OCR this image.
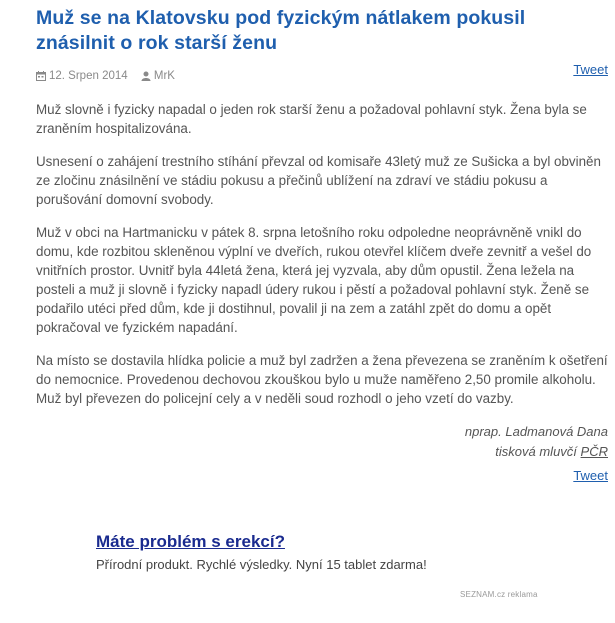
Muž se na Klatovsku pod fyzickým nátlakem pokusil znásilnit o rok starší ženu
12. Srpen 2014
MrK	Tweet

Muž slovně i fyzicky napadal o jeden rok starší ženu a požadoval pohlavní styk. Žena byla se zraněním hospitalizována.

Usnesení o zahájení trestního stíhání převzal od komisaře 43letý muž ze Sušicka a byl obviněn ze zločinu znásilnění ve stádiu pokusu a přečinů ublížení na zdraví ve stádiu pokusu a porušování domovní svobody.

Muž v obci na Hartmanicku v pátek 8. srpna letošního roku odpoledne neoprávněně vnikl do domu, kde rozbitou skleněnou výplní ve dveřích, rukou otevřel klíčem dveře zevnitř a vešel do vnitřních prostor. Uvnitř byla 44letá žena, která jej vyzvala, aby dům opustil. Žena ležela na posteli a muž ji slovně i fyzicky napadl údery rukou i pěstí a požadoval pohlavní styk. Ženě se podařilo utéci před dům, kde ji dostihnul, povalil ji na zem a zatáhl zpět do domu a opět pokračoval ve fyzickém napadání.

Na místo se dostavila hlídka policie a muž byl zadržen a žena převezena se zraněním k ošetření do nemocnice. Provedenou dechovou zkouškou bylo u muže naměřeno 2,50 promile alkoholu. Muž byl převezen do policejní cely a v neděli soud rozhodl o jeho vzetí do vazby.

nprap. Ladmanová Dana
tisková mluvčí PČR
Tweet
Máte problém s erekcí?
Přírodní produkt. Rychlé výsledky. Nyní 15 tablet zdarma!
SEZNAM.cz reklama
